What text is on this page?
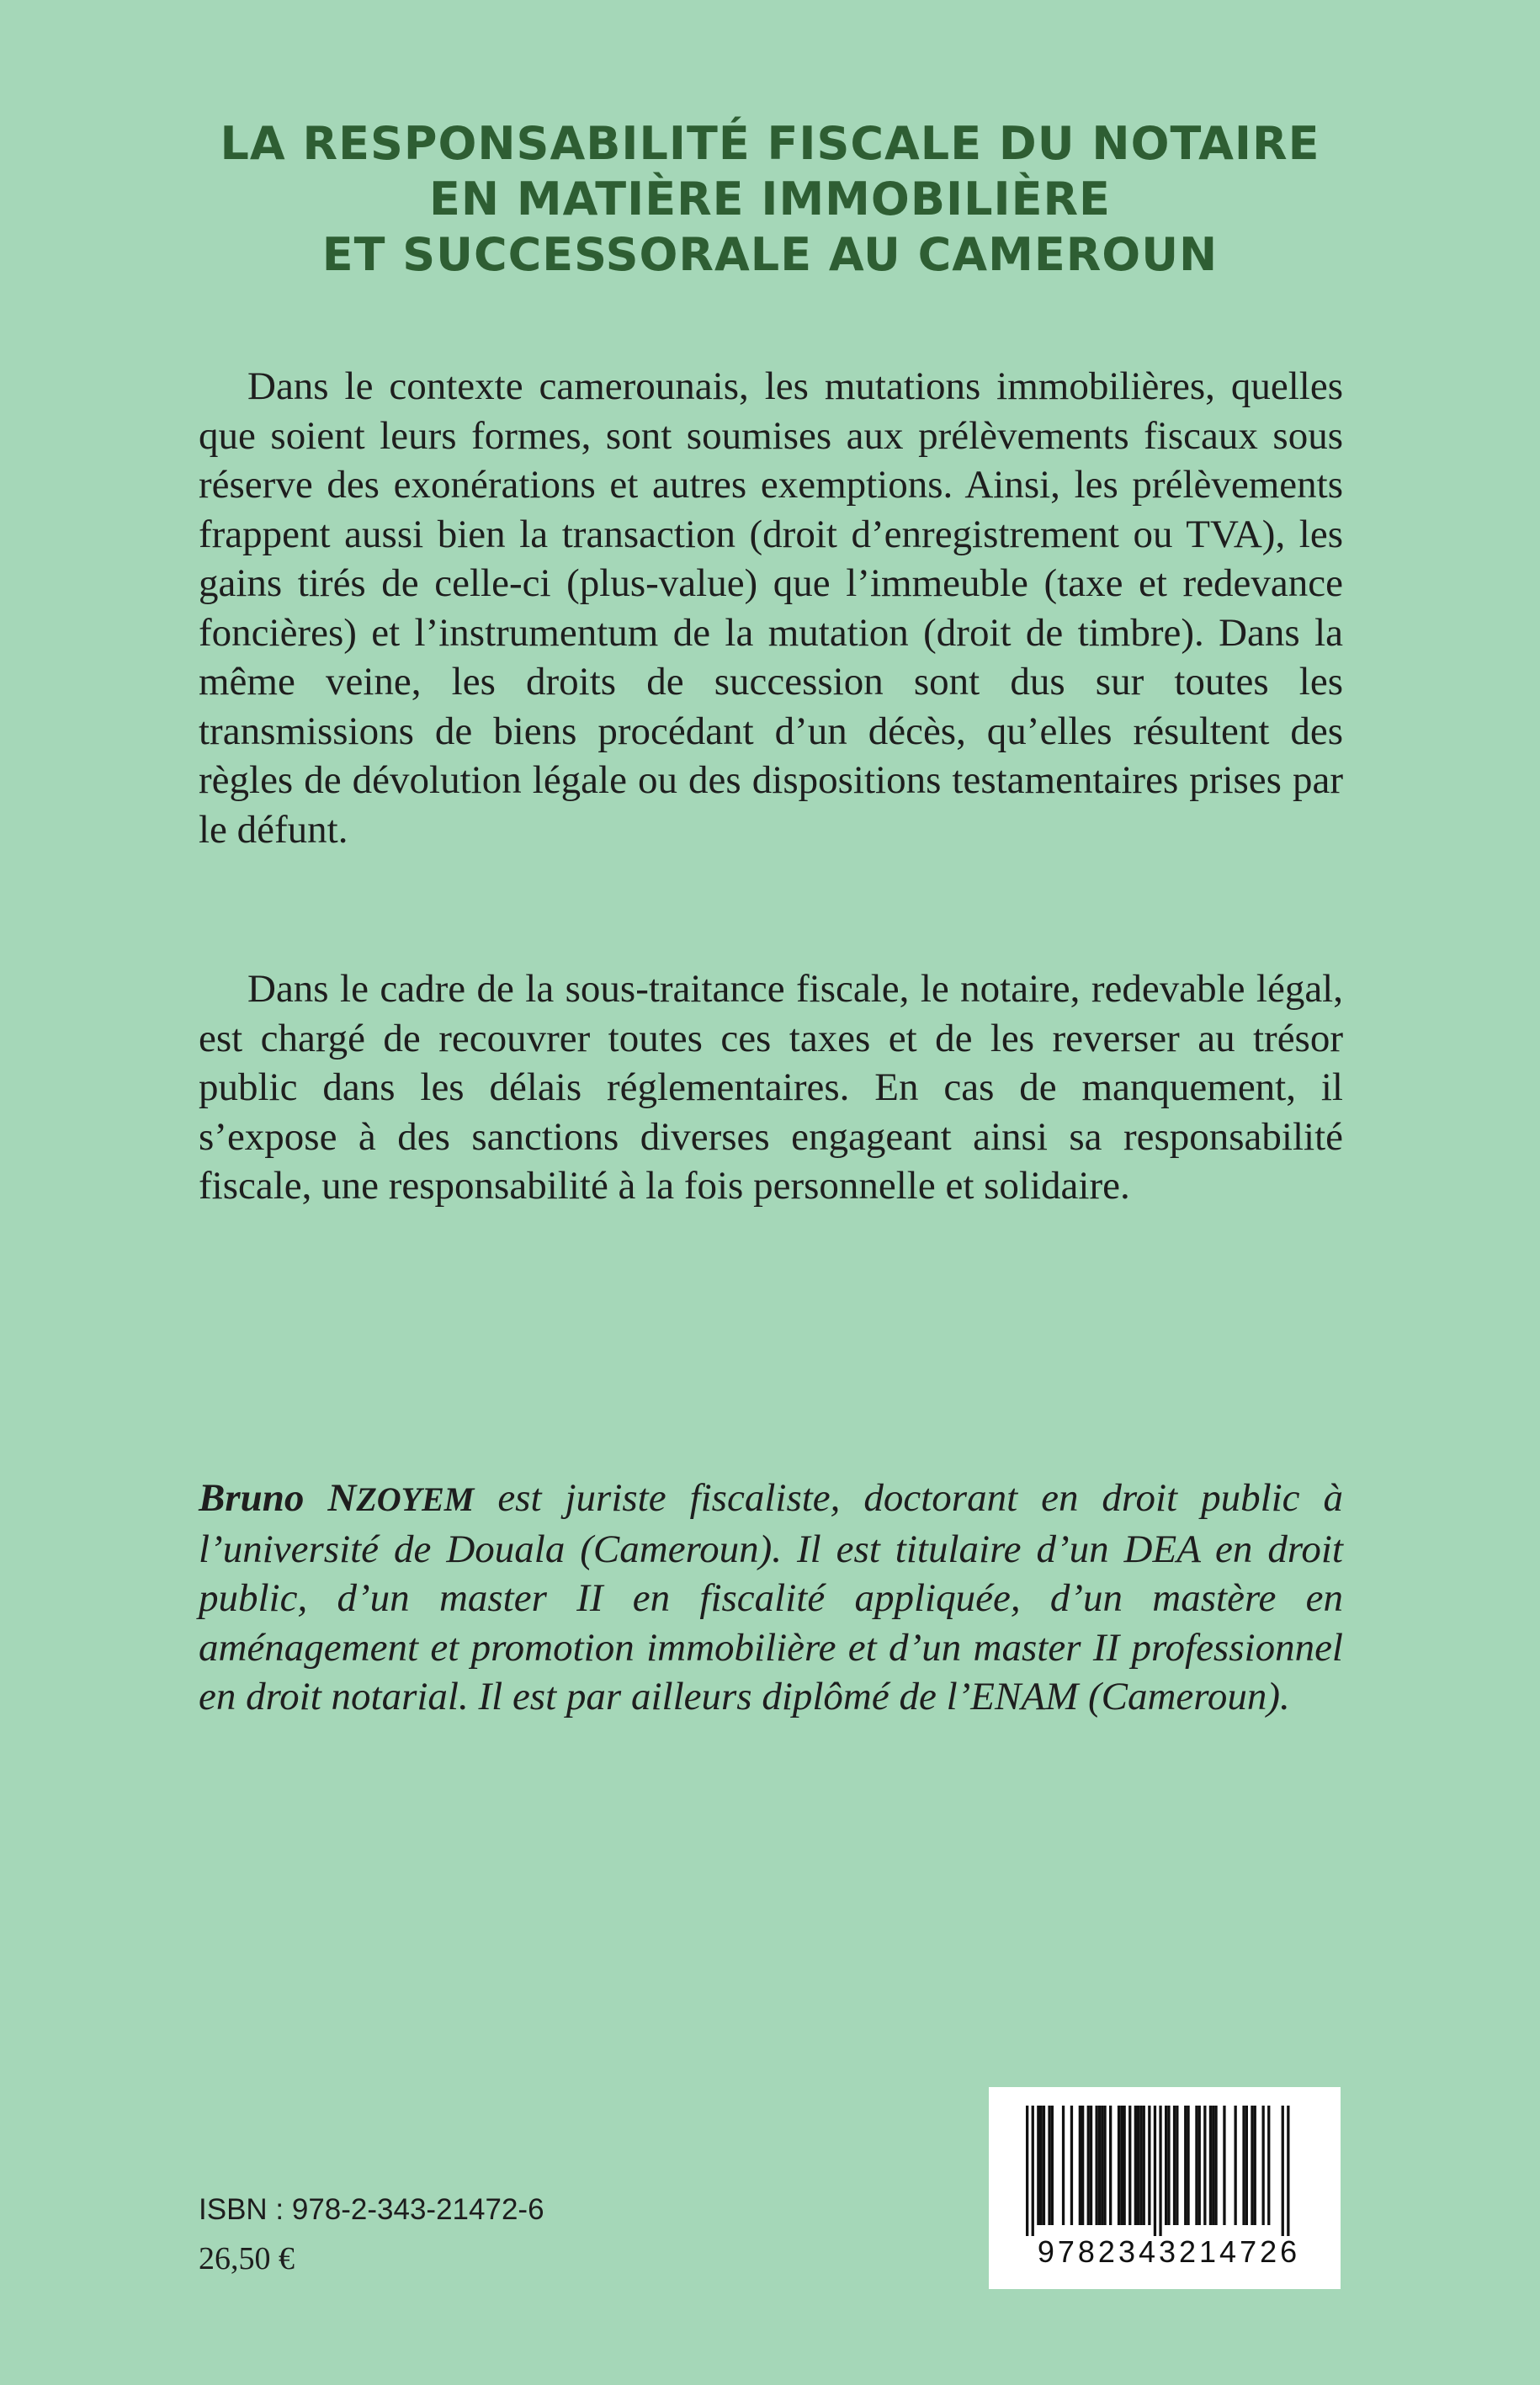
LA RESPONSABILITÉ FISCALE DU NOTAIRE
EN MATIÈRE IMMOBILIÈRE
ET SUCCESSORALE AU CAMEROUN

Dans le contexte camerounais, les mutations immobilières, quelles que soient leurs formes, sont soumises aux prélèvements fiscaux sous réserve des exonérations et autres exemptions. Ainsi, les prélèvements frappent aussi bien la transaction (droit d’enregistrement ou TVA), les gains tirés de celle-ci (plus-value) que l’immeuble (taxe et redevance foncières) et l’instrumentum de la mutation (droit de timbre). Dans la même veine, les droits de succession sont dus sur toutes les transmissions de biens procédant d’un décès, qu’elles résultent des règles de dévolution légale ou des dispositions testamentaires prises par le défunt.

Dans le cadre de la sous-traitance fiscale, le notaire, redevable légal, est chargé de recouvrer toutes ces taxes et de les reverser au trésor public dans les délais réglementaires. En cas de manquement, il s’expose à des sanctions diverses engageant ainsi sa responsabilité fiscale, une responsabilité à la fois personnelle et solidaire.

Bruno NZOYEM est juriste fiscaliste, doctorant en droit public à l’université de Douala (Cameroun). Il est titulaire d’un DEA en droit public, d’un master II en fiscalité appliquée, d’un mastère en aménagement et promotion immobilière et d’un master II professionnel en droit notarial. Il est par ailleurs diplômé de l’ENAM (Cameroun).

ISBN : 978-2-343-21472-6

26,50 €	9782343214726
